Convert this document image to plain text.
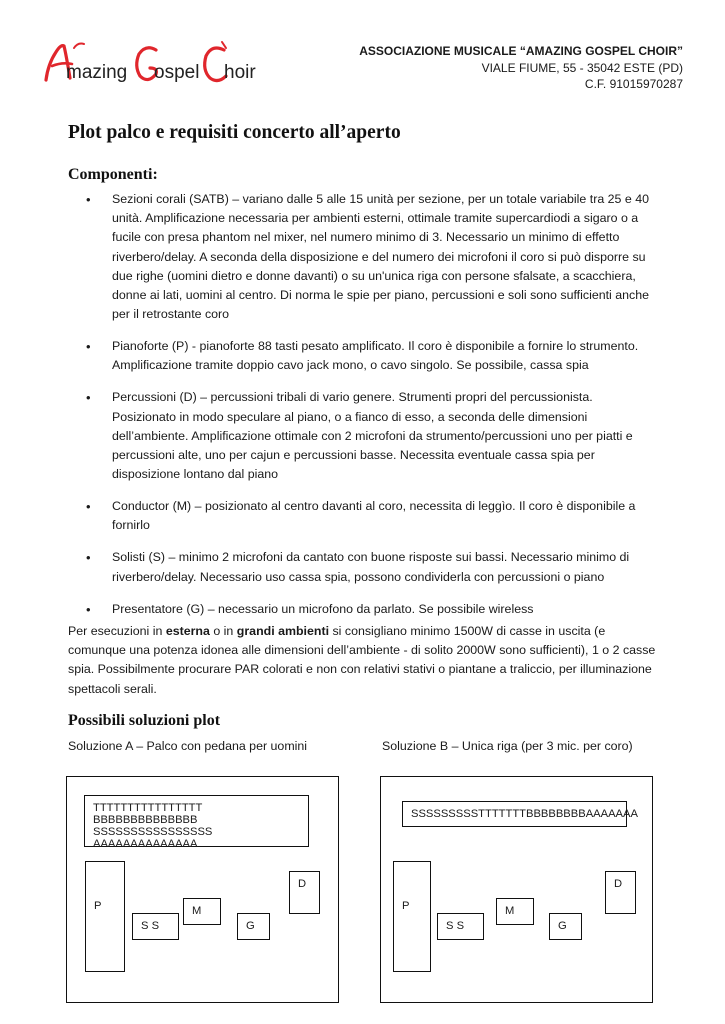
mazing ospel hoir
ASSOCIAZIONE MUSICALE “AMAZING GOSPEL CHOIR”
VIALE FIUME, 55 - 35042 ESTE (PD)
C.F. 91015970287
Plot palco e requisiti concerto all’aperto
Componenti:
• Sezioni corali (SATB) – variano dalle 5 alle 15 unità per sezione, per un totale variabile tra 25 e 40 unità. Amplificazione necessaria per ambienti esterni, ottimale tramite supercardiodi a sigaro o a fucile con presa phantom nel mixer, nel numero minimo di 3. Necessario un minimo di effetto riverbero/delay. A seconda della disposizione e del numero dei microfoni il coro si può disporre su due righe (uomini dietro e donne davanti) o su un'unica riga con persone sfalsate, a scacchiera, donne ai lati, uomini al centro. Di norma le spie per piano, percussioni e soli sono sufficienti anche per il retrostante coro
• Pianoforte (P) - pianoforte 88 tasti pesato amplificato. Il coro è disponibile a fornire lo strumento. Amplificazione tramite doppio cavo jack mono, o cavo singolo. Se possibile, cassa spia
• Percussioni (D) – percussioni tribali di vario genere. Strumenti propri del percussionista. Posizionato in modo speculare al piano, o a fianco di esso, a seconda delle dimensioni dell’ambiente. Amplificazione ottimale con 2 microfoni da strumento/percussioni uno per piatti e percussioni alte, uno per cajun e percussioni basse. Necessita eventuale cassa spia per disposizione lontano dal piano
• Conductor (M) – posizionato al centro davanti al coro, necessita di leggìo. Il coro è disponibile a fornirlo
• Solisti (S) – minimo 2 microfoni da cantato con buone risposte sui bassi. Necessario minimo di riverbero/delay. Necessario uso cassa spia, possono condividerla con percussioni o piano
• Presentatore (G) – necessario un microfono da parlato. Se possibile wireless

Per esecuzioni in esterna o in grandi ambienti si consigliano minimo 1500W di casse in uscita (e comunque una potenza idonea alle dimensioni dell’ambiente - di solito 2000W sono sufficienti), 1 o 2 casse spia. Possibilmente procurare PAR colorati e non con relativi stativi o piantane a traliccio, per illuminazione spettacoli serali.

Possibili soluzioni plot
Soluzione A – Palco con pedana per uomini	Soluzione B – Unica riga (per 3 mic. per coro)
TTTTTTTTTTTTTTTT BBBBBBBBBBBBBB
SSSSSSSSSSSSSSSS AAAAAAAAAAAAAA
P
D
M
S S	G
SSSSSSSSSTTTTTTTBBBBBBBBAAAAAAA
P
D
M
S S	G
